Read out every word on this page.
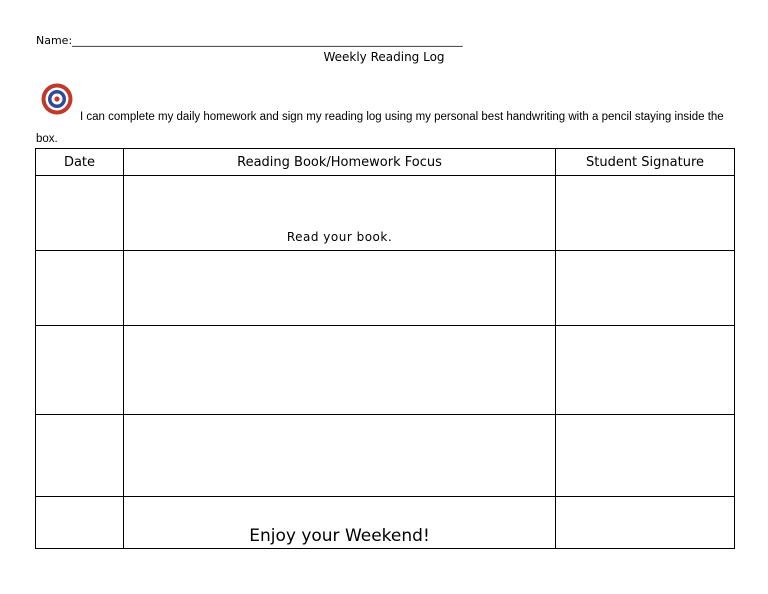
Name:_______________________________________________________________________
Weekly Reading Log
I can complete my daily homework and sign my reading log using my personal best handwriting with a pencil staying inside the box.
Date	Reading Book/Homework Focus	Student Signature
	Read your book.	

	Enjoy your Weekend!	
